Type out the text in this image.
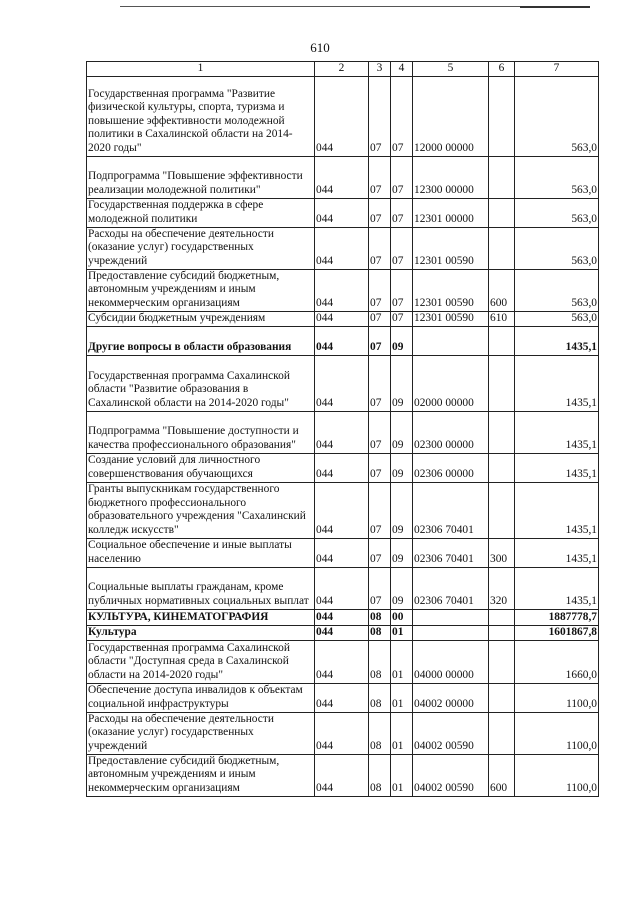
610
1	2	3	4	5	6	7
Государственная программа "Развитие физической культуры, спорта, туризма и повышение эффективности молодежной политики в Сахалинской области на 2014-2020 годы"	044	07	07	12000 00000		563,0
Подпрограмма "Повышение эффективности реализации молодежной политики"	044	07	07	12300 00000		563,0
Государственная поддержка в сфере молодежной политики	044	07	07	12301 00000		563,0
Расходы на обеспечение деятельности (оказание услуг) государственных учреждений	044	07	07	12301 00590		563,0
Предоставление субсидий бюджетным, автономным учреждениям и иным некоммерческим организациям	044	07	07	12301 00590	600	563,0
Субсидии бюджетным учреждениям	044	07	07	12301 00590	610	563,0
Другие вопросы в области образования	044	07	09			1435,1
Государственная программа Сахалинской области "Развитие образования в Сахалинской области на 2014-2020 годы"	044	07	09	02000 00000		1435,1
Подпрограмма "Повышение доступности и качества профессионального образования"	044	07	09	02300 00000		1435,1
Создание условий для личностного совершенствования обучающихся	044	07	09	02306 00000		1435,1
Гранты выпускникам государственного бюджетного профессионального образовательного учреждения "Сахалинский колледж искусств"	044	07	09	02306 70401		1435,1
Социальное обеспечение и иные выплаты населению	044	07	09	02306 70401	300	1435,1
Социальные выплаты гражданам, кроме публичных нормативных социальных выплат	044	07	09	02306 70401	320	1435,1
КУЛЬТУРА, КИНЕМАТОГРАФИЯ	044	08	00			1887778,7
Культура	044	08	01			1601867,8
Государственная программа Сахалинской области "Доступная среда в Сахалинской области на 2014-2020 годы"	044	08	01	04000 00000		1660,0
Обеспечение доступа инвалидов к объектам социальной инфраструктуры	044	08	01	04002 00000		1100,0
Расходы на обеспечение деятельности (оказание услуг) государственных учреждений	044	08	01	04002 00590		1100,0
Предоставление субсидий бюджетным, автономным учреждениям и иным некоммерческим организациям	044	08	01	04002 00590	600	1100,0
